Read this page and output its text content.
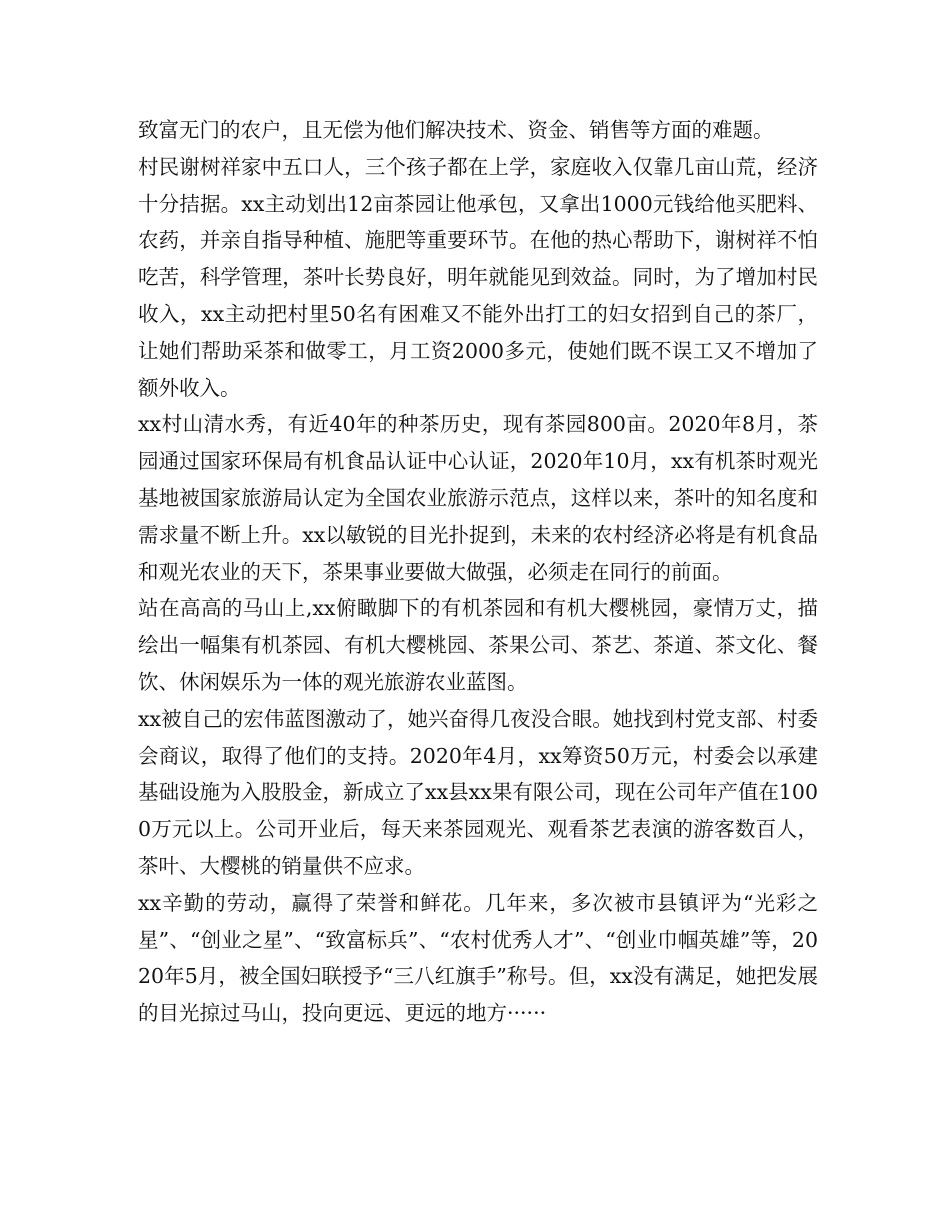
致富无门的农户，且无偿为他们解决技术、资金、销售等方面的难题。

村民谢树祥家中五口人，三个孩子都在上学，家庭收入仅靠几亩山荒，经济十分拮据。xx主动划出12亩茶园让他承包，又拿出1000元钱给他买肥料、农药，并亲自指导种植、施肥等重要环节。在他的热心帮助下，谢树祥不怕吃苦，科学管理，茶叶长势良好，明年就能见到效益。同时，为了增加村民收入，xx主动把村里50名有困难又不能外出打工的妇女招到自己的茶厂，让她们帮助采茶和做零工，月工资2000多元，使她们既不误工又不增加了额外收入。

xx村山清水秀，有近40年的种茶历史，现有茶园800亩。2020年8月，茶园通过国家环保局有机食品认证中心认证，2020年10月，xx有机茶时观光基地被国家旅游局认定为全国农业旅游示范点，这样以来，茶叶的知名度和需求量不断上升。xx以敏锐的目光扑捉到，未来的农村经济必将是有机食品和观光农业的天下，茶果事业要做大做强，必须走在同行的前面。

站在高高的马山上,xx俯瞰脚下的有机茶园和有机大樱桃园，豪情万丈，描绘出一幅集有机茶园、有机大樱桃园、茶果公司、茶艺、茶道、茶文化、餐饮、休闲娱乐为一体的观光旅游农业蓝图。

xx被自己的宏伟蓝图激动了，她兴奋得几夜没合眼。她找到村党支部、村委会商议，取得了他们的支持。2020年4月，xx筹资50万元，村委会以承建基础设施为入股股金，新成立了xx县xx果有限公司，现在公司年产值在1000万元以上。公司开业后，每天来茶园观光、观看茶艺表演的游客数百人，茶叶、大樱桃的销量供不应求。

xx辛勤的劳动，赢得了荣誉和鲜花。几年来，多次被市县镇评为“光彩之星”、“创业之星”、“致富标兵”、“农村优秀人才”、“创业巾帼英雄”等，2020年5月，被全国妇联授予“三八红旗手”称号。但，xx没有满足，她把发展的目光掠过马山，投向更远、更远的地方······
